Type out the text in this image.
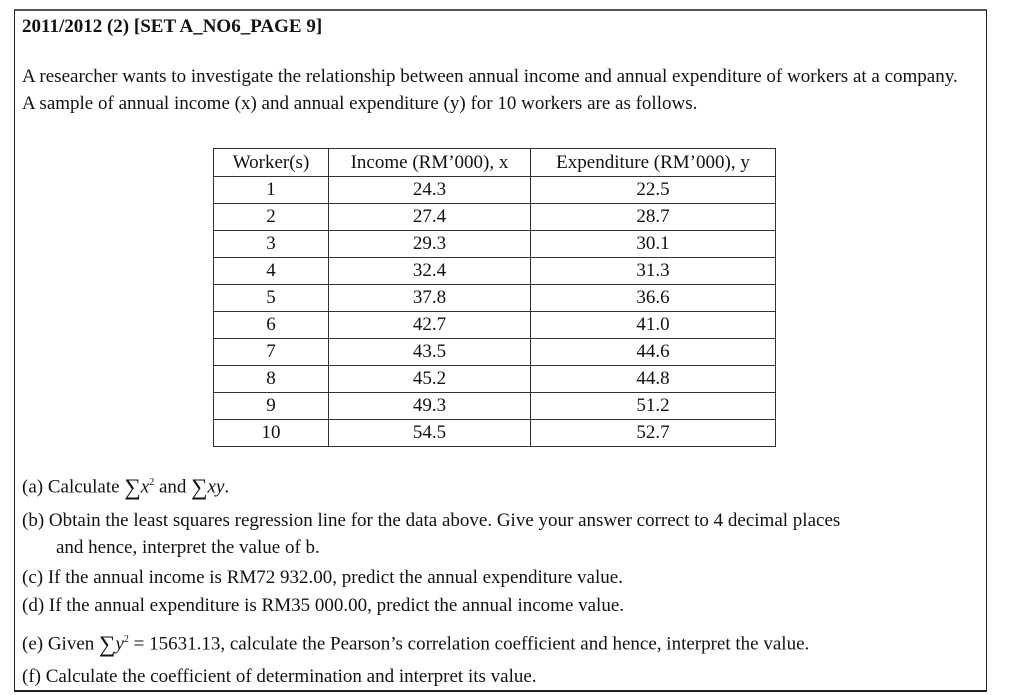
2011/2012 (2) [SET A_NO6_PAGE 9]
A researcher wants to investigate the relationship between annual income and annual expenditure of workers at a company. A sample of annual income (x) and annual expenditure (y) for 10 workers are as follows.
Worker(s)	Income (RM’000), x	Expenditure (RM’000), y
1	24.3	22.5
2	27.4	28.7
3	29.3	30.1
4	32.4	31.3
5	37.8	36.6
6	42.7	41.0
7	43.5	44.6
8	45.2	44.8
9	49.3	51.2
10	54.5	52.7
(a) Calculate $\sum x^2$ and ∑xy.
(b) Obtain the least squares regression line for the data above. Give your answer correct to 4 decimal places
and hence, interpret the value of b.
(c) If the annual income is RM72 932.00, predict the annual expenditure value.
(d) If the annual expenditure is RM35 000.00, predict the annual income value.
(e) Given $\sum y^2 = 15631.13$, calculate the Pearson’s correlation coefficient and hence, interpret the value.
(f) Calculate the coefficient of determination and interpret its value.
